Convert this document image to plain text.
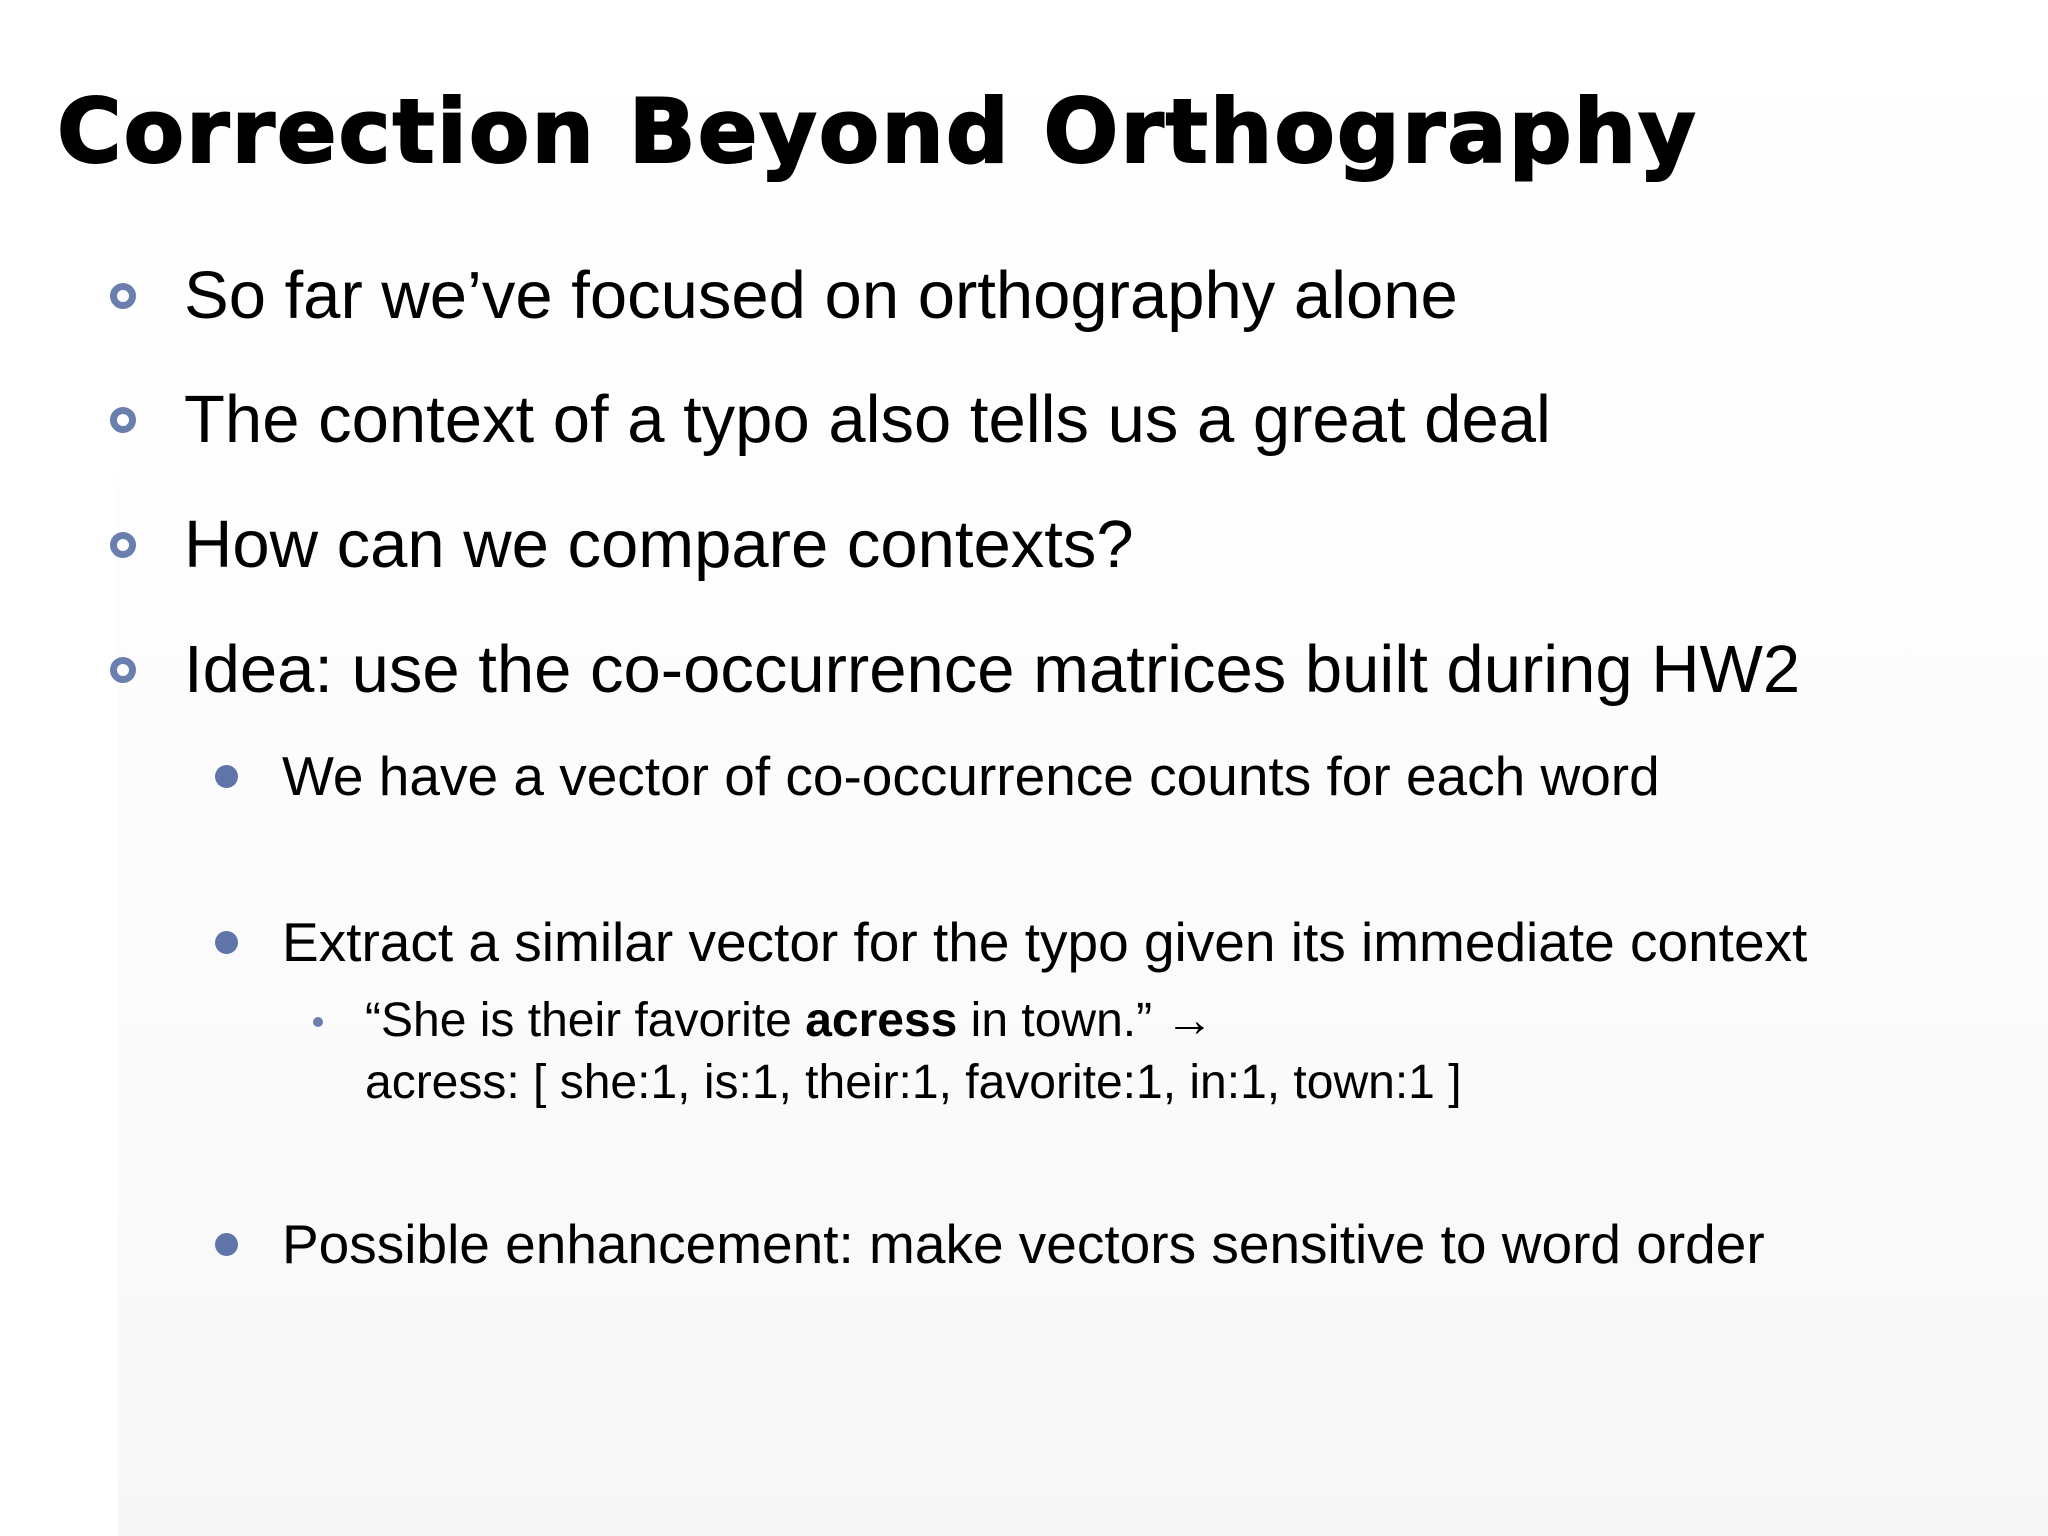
Correction Beyond Orthography
So far we’ve focused on orthography alone
The context of a typo also tells us a great deal
How can we compare contexts?
Idea: use the co-occurrence matrices built during HW2
We have a vector of co-occurrence counts for each word
Extract a similar vector for the typo given its immediate context
“She is their favorite acress in town.” →
acress: [ she:1, is:1, their:1, favorite:1, in:1, town:1 ]
Possible enhancement: make vectors sensitive to word order
